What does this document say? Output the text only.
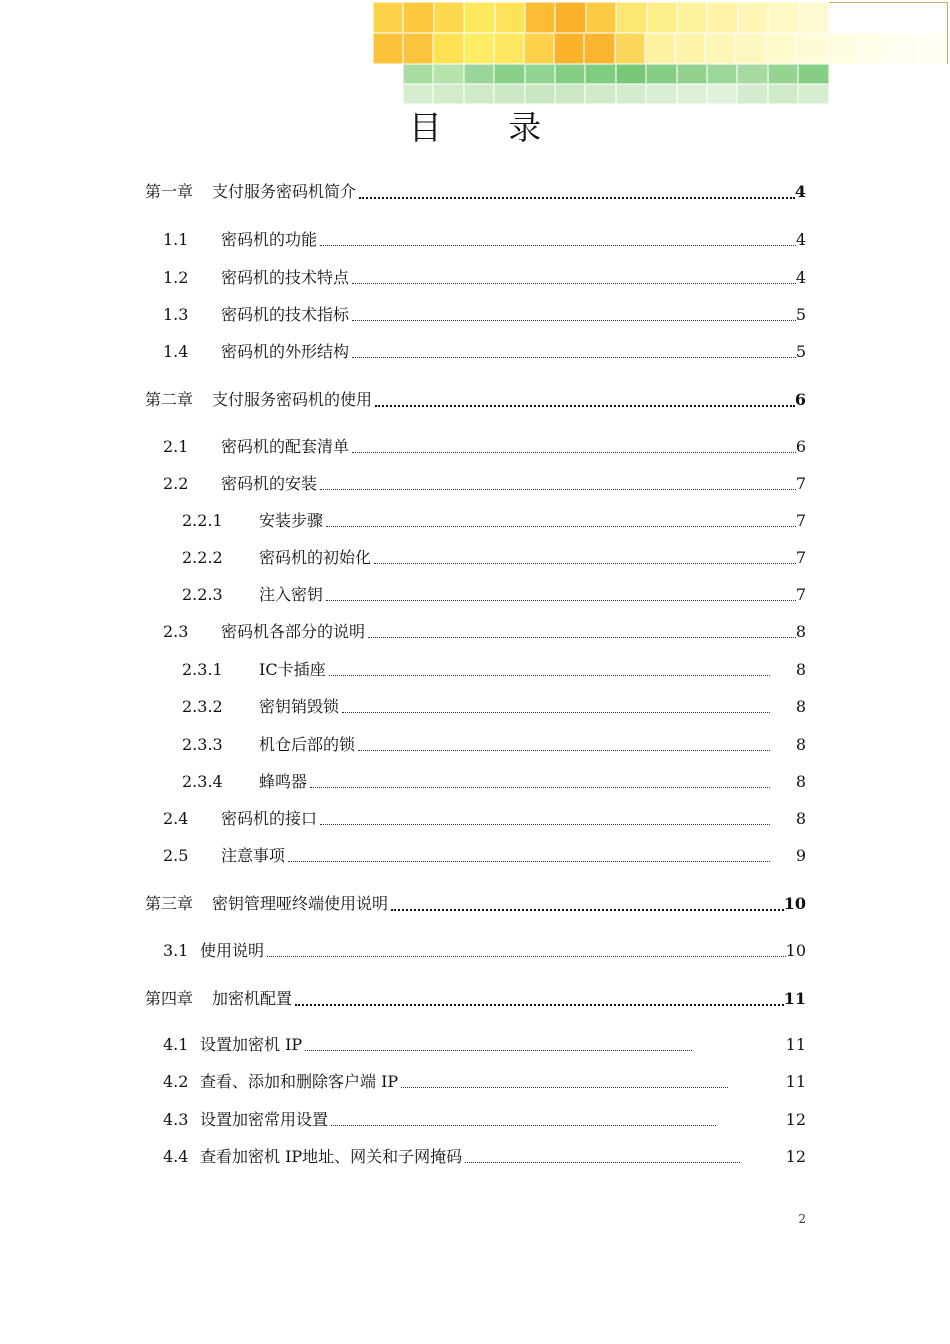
目 录
第一章 支付服务密码机简介	4
1.1 密码机的功能	4
1.2 密码机的技术特点	4
1.3 密码机的技术指标	5
1.4 密码机的外形结构	5
第二章 支付服务密码机的使用	6
2.1 密码机的配套清单	6
2.2 密码机的安装	7
2.2.1 安装步骤	7
2.2.2 密码机的初始化	7
2.2.3 注入密钥	7
2.3 密码机各部分的说明	8
2.3.1 IC卡插座	8
2.3.2 密钥销毁锁	8
2.3.3 机仓后部的锁	8
2.3.4 蜂鸣器	8
2.4 密码机的接口	8
2.5 注意事项	9
第三章 密钥管理哑终端使用说明	10
3.1 使用说明	10
第四章 加密机配置	11
4.1 设置加密机 IP	11
4.2 查看、添加和删除客户端 IP	11
4.3 设置加密常用设置	12
4.4 查看加密机 IP地址、网关和子网掩码	12
2
